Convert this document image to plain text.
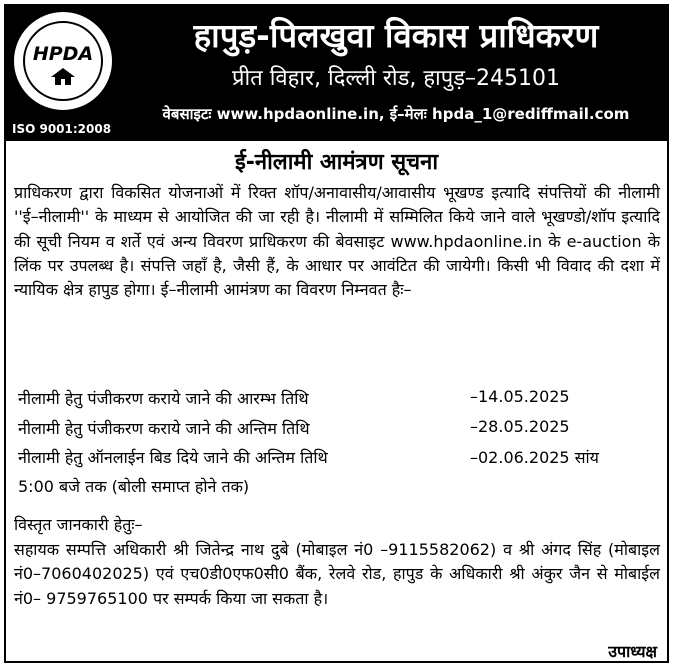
HPDA
ISO 9001:2008
हापुड़-पिलखुवा विकास प्राधिकरण
प्रीत विहार, दिल्ली रोड, हापुड़–245101
वेबसाइटः www.hpdaonline.in, ई–मेलः hpda_1@rediffmail.com
ई-नीलामी आमंत्रण सूचना
प्राधिकरण द्वारा विकसित योजनाओं में रिक्त शॉप/अनावासीय/आवासीय भूखण्ड इत्यादि संपत्तियों की नीलामी ''ई–नीलामी'' के माध्यम से आयोजित की जा रही है। नीलामी में सम्मिलित किये जाने वाले भूखण्डो/शॉप इत्यादि की सूची नियम व शर्ते एवं अन्य विवरण प्राधिकरण की बेवसाइट www.hpdaonline.in के e-auction के लिंक पर उपलब्ध है। संपत्ति जहाँ है, जैसी हैं, के आधार पर आवंटित की जायेगी। किसी भी विवाद की दशा में न्यायिक क्षेत्र हापुड होगा। ई–नीलामी आमंत्रण का विवरण निम्नवत हैः–
नीलामी हेतु पंजीकरण कराये जाने की आरम्भ तिथि	–14.05.2025
नीलामी हेतु पंजीकरण कराये जाने की अन्तिम तिथि	–28.05.2025
नीलामी हेतु ऑनलाईन बिड दिये जाने की अन्तिम तिथि	–02.06.2025 सांय
5:00 बजे तक (बोली समाप्त होने तक)
विस्तृत जानकारी हेतुः–
सहायक सम्पत्ति अधिकारी श्री जितेन्द्र नाथ दुबे (मोबाइल नं0 –9115582062) व श्री अंगद सिंह (मोबाइल नं0–7060402025) एवं एच0डी0एफ0सी0 बैंक, रेलवे रोड, हापुड के अधिकारी श्री अंकुर जैन से मोबाईल नं0– 9759765100 पर सम्पर्क किया जा सकता है।
उपाध्यक्ष
